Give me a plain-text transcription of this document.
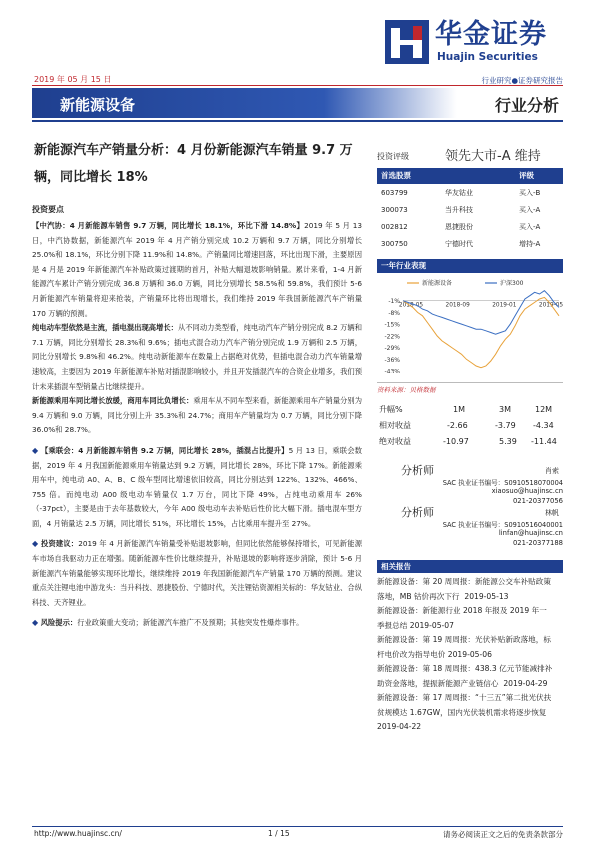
华金证券
Huajin Securities
2019 年 05 月 15 日	行业研究●证券研究报告
新能源设备	行业分析
新能源汽车产销量分析：4 月份新能源汽车销量 9.7 万
辆，同比增长 18%
投资评级	领先大市-A 维持
首选股票	评级
603799	华友钴业	买入-B
300073	当升科技	买入-A
002812	恩捷股份	买入-A
300750	宁德时代	增持-A
一年行业表现
-1%
-8%
-15%
-22%
-29%
-36%
-43%
2018-05	2018-09	2019-01	2019-05
新能源设备	沪深300
资料来源：贝格数据
升幅%	1M	3M	12M
相对收益	-2.66	-3.79 -4.34
绝对收益	-10.97	5.39 -11.44
分析师	肖索
SAC 执业证书编号：S0910518070004
xiaosuo@huajinsc.cn
021-20377056
分析师	林帆
SAC 执业证书编号：S0910516040001
linfan@huajinsc.cn
021-20377188
相关报告

新能源设备：第 20 周周报：新能源公交车补贴政策落地，MB 钴价再次下行 2019-05-13

新能源设备：新能源行业 2018 年报及 2019 年一季报总结 2019-05-07

新能源设备：第 19 周周报：光伏补贴新政落地，标杆电价改为指导电价 2019-05-06

新能源设备：第 18 周周报：438.3 亿元节能减排补助资金落地，提振新能源产业链信心 2019-04-29

新能源设备：第 17 周周报：“十三五”第二批光伏扶贫规模达 1.67GW，国内光伏装机需求将逐步恢复 2019-04-22

投资要点

【中汽协：4 月新能源车销售 9.7 万辆，同比增长 18.1%，环比下滑 14.8%】2019 年 5 月 13 日，中汽协数据，新能源汽车 2019 年 4 月产销分别完成 10.2 万辆和 9.7 万辆，同比分别增长 25.0%和 18.1%，环比分别下降 11.9%和 14.8%。产销量同比增速回落，环比出现下滑，主要原因是 4 月是 2019 年新能源汽车补贴政策过渡期的首月，补贴大幅退坡影响销量。累计来看，1-4 月新能源汽车累计产销分别完成 36.8 万辆和 36.0 万辆，同比分别增长 58.5%和 59.8%，我们预计 5-6 月新能源汽车销量将迎来抢装，产销量环比将出现增长，我们维持 2019 年我国新能源汽车产销量 170 万辆的预测。

纯电动车型依然是主流，插电混出现高增长：从不同动力类型看，纯电动汽车产销分别完成 8.2 万辆和 7.1 万辆，同比分别增长 28.3%和 9.6%；插电式混合动力汽车产销分别完成 1.9 万辆和 2.5 万辆，同比分别增长 9.8%和 46.2%。纯电动新能源车在数量上占据绝对优势，但插电混合动力汽车销量增速较高，主要因为 2019 年新能源车补贴对插混影响较小，并且开发插混汽车的合资企业增多，我们预计未来插混车型销量占比继续提升。

新能源乘用车同比增长放缓，商用车同比负增长：乘用车从不同车型来看，新能源乘用车产销量分别为 9.4 万辆和 9.0 万辆，同比分别上升 35.3%和 24.7%；商用车产销量均为 0.7 万辆，同比分别下降 36.0%和 28.7%。

◆ 【乘联会：4 月新能源车销售 9.2 万辆，同比增长 28%，插混占比提升】5 月 13 日，乘联会数据，2019 年 4 月我国新能源乘用车销量达到 9.2 万辆，同比增长 28%，环比下降 17%。新能源乘用车中，纯电动 A0、A、B、C 级车型同比增速依旧较高，同比分别达到 122%、132%、466%、755 倍。而纯电动 A00 级电动车销量仅 1.7 万台，同比下降 49%，占纯电动乘用车 26%（-37pct），主要是由于去年基数较大，今年 A00 级电动车去补贴后性价比大幅下滑。插电混车型方面，4 月销量达 2.5 万辆，同比增长 51%，环比增长 15%，占比乘用车提升至 27%。

◆ 投资建议：2019 年 4 月新能源汽车销量受补贴退坡影响，但同比依然能够保持增长，可见新能源车市场自我驱动力正在增强。随新能源车性价比继续提升，补贴退坡的影响将逐步消除，预计 5-6 月新能源汽车销量能够实现环比增长，继续维持 2019 年我国新能源汽车产销量 170 万辆的预测。建议重点关注锂电池中游龙头：当升科技、恩捷股份、宁德时代，关注锂钴资源相关标的：华友钴业、合纵科技、天齐锂业。

◆ 风险提示：行业政策重大变动；新能源汽车推广不及预期；其他突发性爆炸事件。

http://www.huajinsc.cn/	1 / 15	请务必阅读正文之后的免责条款部分
